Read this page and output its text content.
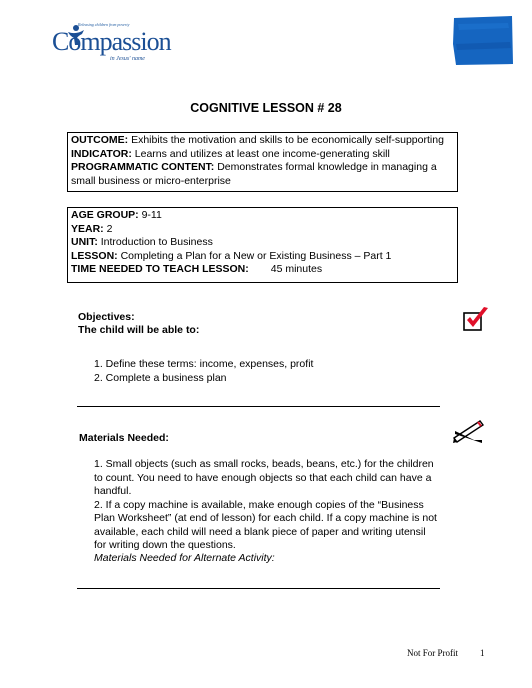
Releasing children from poverty
Compassion
in Jesus' name
COGNITIVE LESSON # 28
OUTCOME: Exhibits the motivation and skills to be economically self-supporting
INDICATOR: Learns and utilizes at least one income-generating skill
PROGRAMMATIC CONTENT: Demonstrates formal knowledge in managing a
small business or micro-enterprise
AGE GROUP: 9-11
YEAR: 2
UNIT: Introduction to Business
LESSON: Completing a Plan for a New or Existing Business – Part 1
TIME NEEDED TO TEACH LESSON: 45 minutes
Objectives:
The child will be able to:
1. Define these terms: income, expenses, profit
2. Complete a business plan
Materials Needed:

1. Small objects (such as small rocks, beads, beans, etc.) for the children

to count. You need to have enough objects so that each child can have a

handful.

2. If a copy machine is available, make enough copies of the “Business

Plan Worksheet” (at end of lesson) for each child. If a copy machine is not

available, each child will need a blank piece of paper and writing utensil

for writing down the questions.

Materials Needed for Alternate Activity:
Not For Profit 1
